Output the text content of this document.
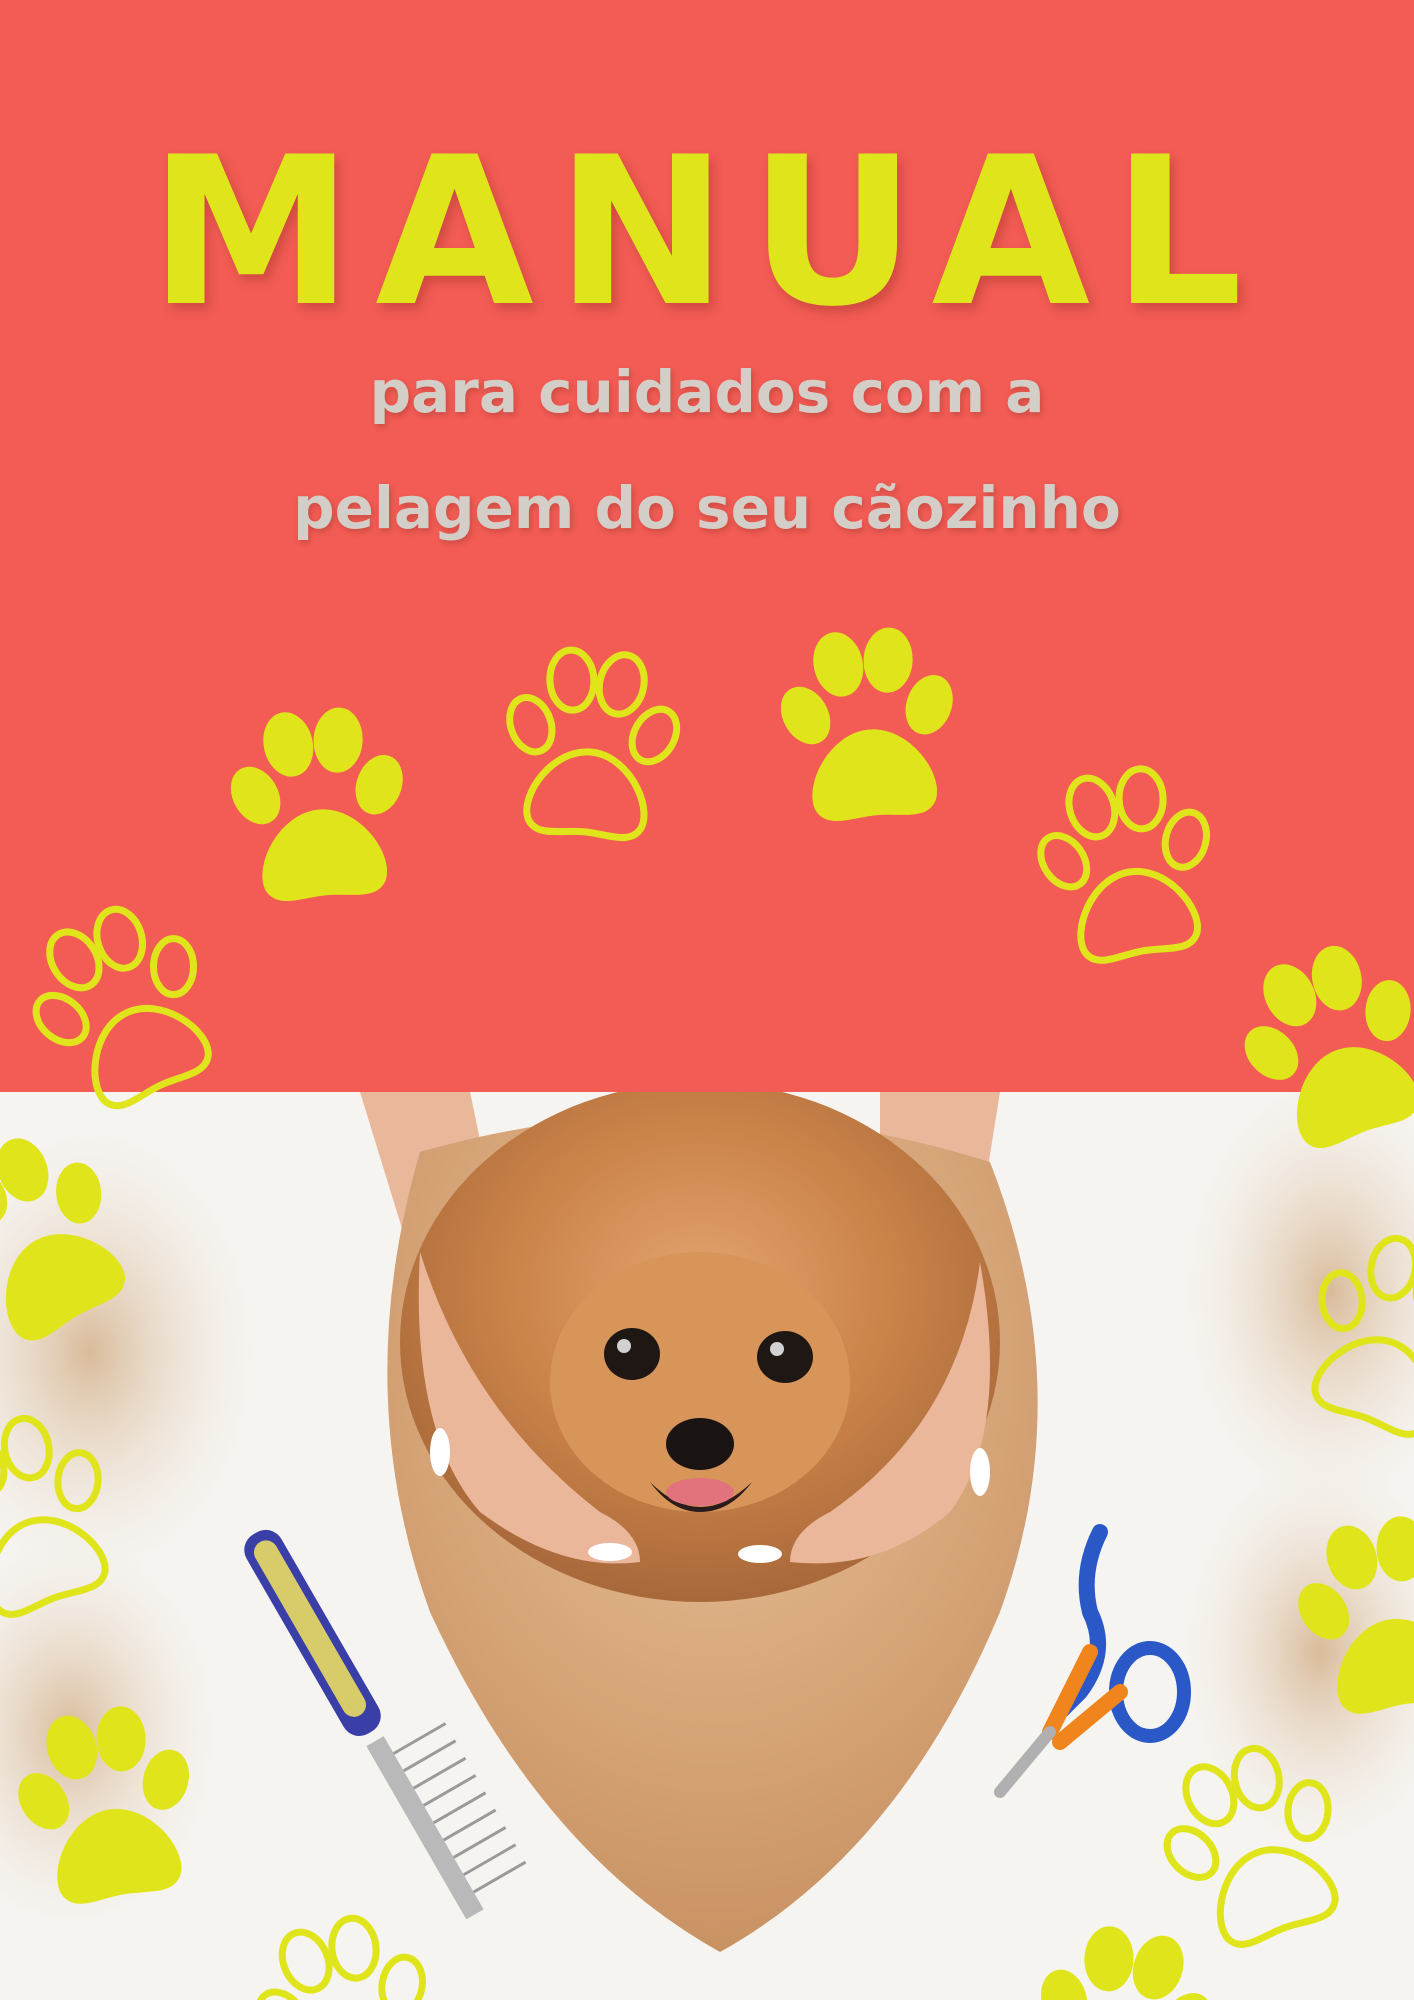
MANUAL
para cuidados com a
pelagem do seu cãozinho
